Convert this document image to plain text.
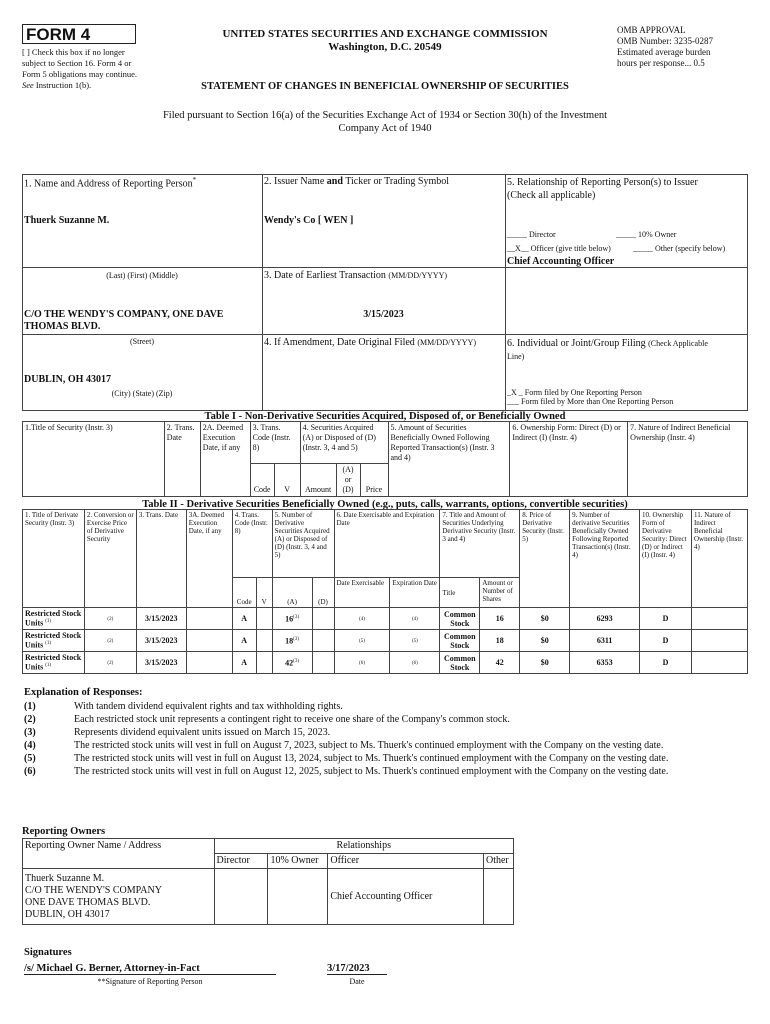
FORM 4
[ ] Check this box if no longer subject to Section 16. Form 4 or Form 5 obligations may continue. See Instruction 1(b).
UNITED STATES SECURITIES AND EXCHANGE COMMISSION
Washington, D.C. 20549
STATEMENT OF CHANGES IN BENEFICIAL OWNERSHIP OF SECURITIES
OMB APPROVAL
OMB Number: 3235-0287
Estimated average burden
hours per response... 0.5
Filed pursuant to Section 16(a) of the Securities Exchange Act of 1934 or Section 30(h) of the Investment Company Act of 1940
1. Name and Address of Reporting Person*
Thuerk Suzanne M.
(Last) (First) (Middle)
C/O THE WENDY'S COMPANY, ONE DAVE THOMAS BLVD.
(Street)
DUBLIN, OH 43017
(City) (State) (Zip)
2. Issuer Name and Ticker or Trading Symbol
Wendy's Co [ WEN ]
3. Date of Earliest Transaction (MM/DD/YYYY)
3/15/2023
4. If Amendment, Date Original Filed (MM/DD/YYYY)
5. Relationship of Reporting Person(s) to Issuer
(Check all applicable)
_____ Director	_____ 10% Owner
__X__ Officer (give title below)	_____ Other (specify below)
Chief Accounting Officer
6. Individual or Joint/Group Filing (Check Applicable
Line)
_X _ Form filed by One Reporting Person
___ Form filed by More than One Reporting Person
Table I - Non-Derivative Securities Acquired, Disposed of, or Beneficially Owned
1.Title of Security (Instr. 3)	2. Trans. Date	2A. Deemed Execution Date, if any	3. Trans. Code (Instr. 8)		4. Securities Acquired (A) or Disposed of (D) (Instr. 3, 4 and 5)			5. Amount of Securities Beneficially Owned Following Reported Transaction(s) (Instr. 3 and 4)	6. Ownership Form: Direct (D) or Indirect (I) (Instr. 4)	7. Nature of Indirect Beneficial Ownership (Instr. 4)
			Code	V	Amount	(A) or (D)	Price			
Table II - Derivative Securities Beneficially Owned (e.g., puts, calls, warrants, options, convertible securities)
1. Title of Derivate Security (Instr. 3)	2. Conversion or Exercise Price of Derivative Security	3. Trans. Date	3A. Deemed Execution Date, if any	4. Trans. Code (Instr. 8)		5. Number of Derivative Securities Acquired (A) or Disposed of (D) (Instr. 3, 4 and 5)		6. Date Exercisable and Expiration Date		7. Title and Amount of Securities Underlying Derivative Security (Instr. 3 and 4)		8. Price of Derivative Security (Instr. 5)	9. Number of derivative Securities Beneficially Owned Following Reported Transaction(s) (Instr. 4)	10. Ownership Form of Derivative Security: Direct (D) or Indirect (I) (Instr. 4)	11. Nature of Indirect Beneficial Ownership (Instr. 4)
				Code	V	(A)	(D)	Date Exercisable	Expiration Date	Title	Amount or Number of Shares				
Restricted Stock Units $^{(1)}$	(2)	3/15/2023		A		16$^{(3)}$		(4)	(4)	Common Stock	16	$0	6293	D	
Restricted Stock Units $^{(1)}$	(2)	3/15/2023		A		18$^{(3)}$		(5)	(5)	Common Stock	18	$0	6311	D	
Restricted Stock Units $^{(1)}$	(2)	3/15/2023		A		42$^{(3)}$		(6)	(6)	Common Stock	42	$0	6353	D	
Explanation of Responses:
(1)	With tandem dividend equivalent rights and tax withholding rights.
(2)	Each restricted stock unit represents a contingent right to receive one share of the Company's common stock.
(3)	Represents dividend equivalent units issued on March 15, 2023.
(4)	The restricted stock units will vest in full on August 7, 2023, subject to Ms. Thuerk's continued employment with the Company on the vesting date.
(5)	The restricted stock units will vest in full on August 13, 2024, subject to Ms. Thuerk's continued employment with the Company on the vesting date.
(6)	The restricted stock units will vest in full on August 12, 2025, subject to Ms. Thuerk's continued employment with the Company on the vesting date.
Reporting Owners
Reporting Owner Name / Address	Relationships			
	Director	10% Owner	Officer	Other

Thuerk Suzanne M.
C/O THE WENDY'S COMPANY
ONE DAVE THOMAS BLVD.
DUBLIN, OH 43017			Chief Accounting Officer	
Signatures
/s/ Michael G. Berner, Attorney-in-Fact	3/17/2023
**Signature of Reporting Person	Date
